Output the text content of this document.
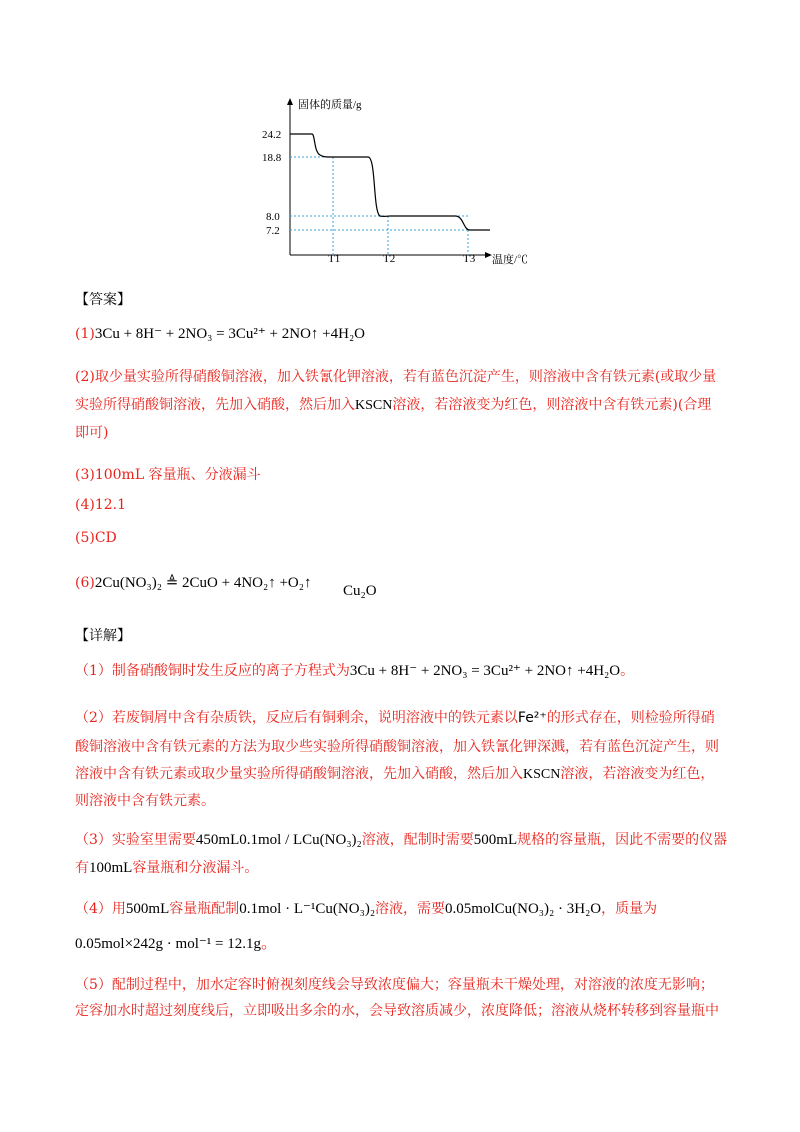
固体的质量/g
温度/℃
24.2
18.8
8.0
7.2
T1	T2	T3
【答案】
(1)3Cu + 8H⁻ + 2NO₃ = 3Cu²⁺ + 2NO↑ +4H₂O
(2)取少量实验所得硝酸铜溶液，加入铁氰化钾溶液，若有蓝色沉淀产生，则溶液中含有铁元素(或取少量
实验所得硝酸铜溶液，先加入硝酸，然后加入KSCN溶液，若溶液变为红色，则溶液中含有铁元素)(合理
即可)
(3)100mL 容量瓶、分液漏斗
(4)12.1
(5)CD
(6)2Cu(NO₃)₂ ≜ 2CuO + 4NO₂↑ +O₂↑ Cu₂O
【详解】
（1）制备硝酸铜时发生反应的离子方程式为3Cu + 8H⁻ + 2NO₃ = 3Cu²⁺ + 2NO↑ +4H₂O。
（2）若废铜屑中含有杂质铁，反应后有铜剩余，说明溶液中的铁元素以Fe²⁺的形式存在，则检验所得硝
酸铜溶液中含有铁元素的方法为取少些实验所得硝酸铜溶液，加入铁氰化钾深溅，若有蓝色沉淀产生，则
溶液中含有铁元素或取少量实验所得硝酸铜溶液，先加入硝酸，然后加入KSCN溶液，若溶液变为红色，
则溶液中含有铁元素。
（3）实验室里需要450mL0.1mol / LCu(NO₃)₂溶液，配制时需要500mL规格的容量瓶，因此不需要的仪器
有100mL容量瓶和分液漏斗。
（4）用500mL容量瓶配制0.1mol · L⁻¹Cu(NO₃)₂溶液，需要0.05molCu(NO₃)₂ · 3H₂O，质量为
0.05mol×242g · mol⁻¹ = 12.1g。
（5）配制过程中，加水定容时俯视刻度线会导致浓度偏大；容量瓶未干燥处理，对溶液的浓度无影响；
定容加水时超过刻度线后，立即吸出多余的水，会导致溶质减少，浓度降低；溶液从烧杯转移到容量瓶中
